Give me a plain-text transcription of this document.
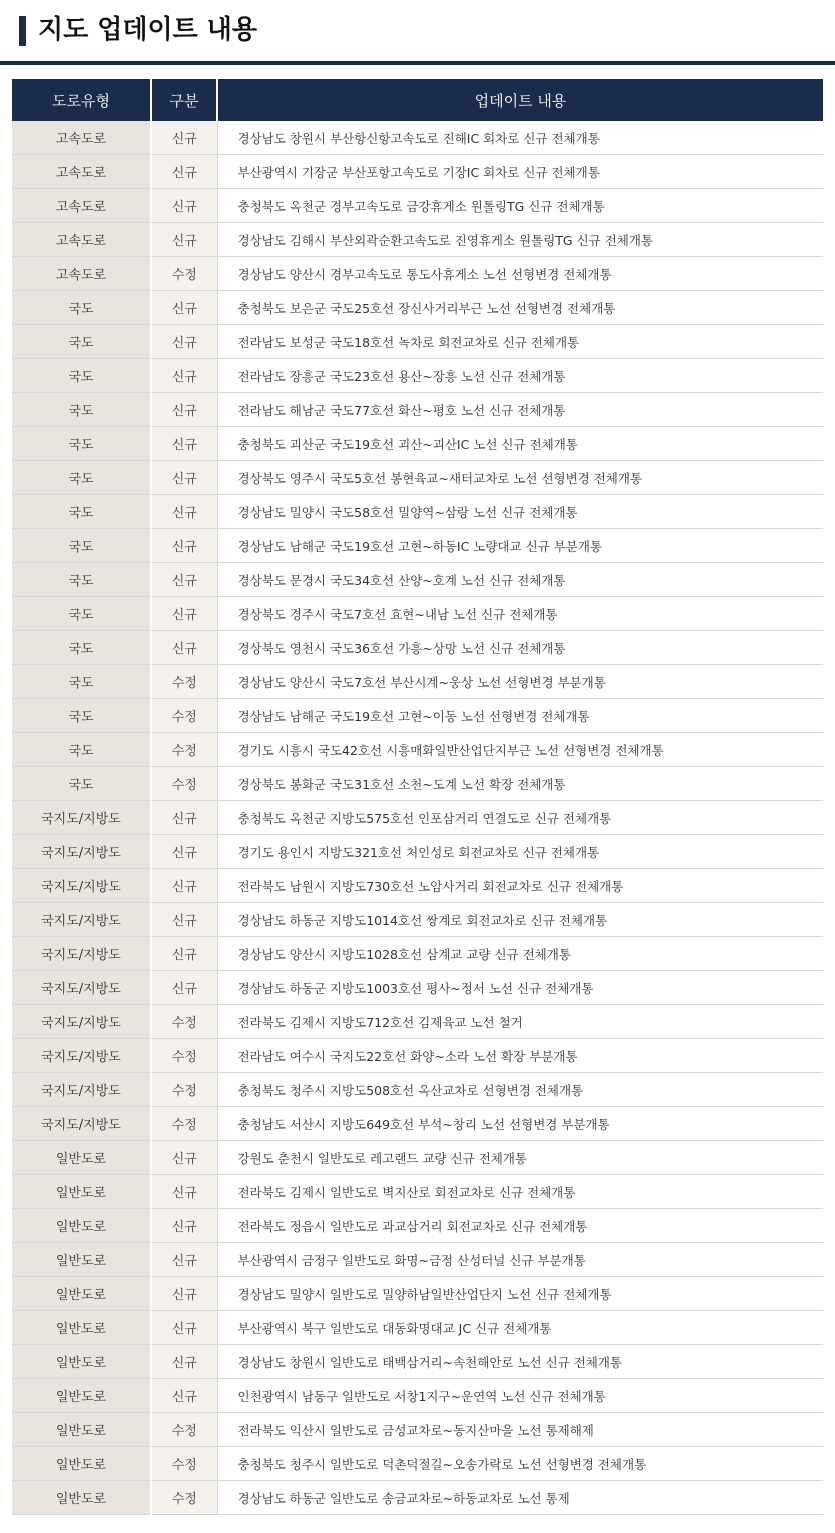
지도 업데이트 내용
도로유형	구분	업데이트 내용
고속도로	신규	경상남도 창원시 부산항신항고속도로 진해IC 회차로 신규 전체개통
고속도로	신규	부산광역시 기장군 부산포항고속도로 기장IC 회차로 신규 전체개통
고속도로	신규	충청북도 옥천군 경부고속도로 금강휴게소 원톨링TG 신규 전체개통
고속도로	신규	경상남도 김해시 부산외곽순환고속도로 진영휴게소 원톨링TG 신규 전체개통
고속도로	수정	경상남도 양산시 경부고속도로 통도사휴게소 노선 선형변경 전체개통
국도	신규	충청북도 보은군 국도25호선 장신사거리부근 노선 선형변경 전체개통
국도	신규	전라남도 보성군 국도18호선 녹차로 회전교차로 신규 전체개통
국도	신규	전라남도 장흥군 국도23호선 용산~장흥 노선 신규 전체개통
국도	신규	전라남도 해남군 국도77호선 화산~평호 노선 신규 전체개통
국도	신규	충청북도 괴산군 국도19호선 괴산~괴산IC 노선 신규 전체개통
국도	신규	경상북도 영주시 국도5호선 봉현육교~새터교차로 노선 선형변경 전체개통
국도	신규	경상남도 밀양시 국도58호선 밀양역~삼랑 노선 신규 전체개통
국도	신규	경상남도 남해군 국도19호선 고현~하동IC 노량대교 신규 부분개통
국도	신규	경상북도 문경시 국도34호선 산양~호계 노선 신규 전체개통
국도	신규	경상북도 경주시 국도7호선 효현~내남 노선 신규 전체개통
국도	신규	경상북도 영천시 국도36호선 가흥~상망 노선 신규 전체개통
국도	수정	경상남도 양산시 국도7호선 부산시계~웅상 노선 선형변경 부분개통
국도	수정	경상남도 남해군 국도19호선 고현~이동 노선 선형변경 전체개통
국도	수정	경기도 시흥시 국도42호선 시흥매화일반산업단지부근 노선 선형변경 전체개통
국도	수정	경상북도 봉화군 국도31호선 소천~도계 노선 확장 전체개통
국지도/지방도	신규	충청북도 옥천군 지방도575호선 인포삼거리 연결도로 신규 전체개통
국지도/지방도	신규	경기도 용인시 지방도321호선 처인성로 회전교차로 신규 전체개통
국지도/지방도	신규	전라북도 남원시 지방도730호선 노암사거리 회전교차로 신규 전체개통
국지도/지방도	신규	경상남도 하동군 지방도1014호선 쌍계로 회전교차로 신규 전체개통
국지도/지방도	신규	경상남도 양산시 지방도1028호선 삼계교 교량 신규 전체개통
국지도/지방도	신규	경상남도 하동군 지방도1003호선 평사~정서 노선 신규 전체개통
국지도/지방도	수정	전라북도 김제시 지방도712호선 김제육교 노선 철거
국지도/지방도	수정	전라남도 여수시 국지도22호선 화양~소라 노선 확장 부분개통
국지도/지방도	수정	충청북도 청주시 지방도508호선 옥산교차로 선형변경 전체개통
국지도/지방도	수정	충청남도 서산시 지방도649호선 부석~창리 노선 선형변경 부분개통
일반도로	신규	강원도 춘천시 일반도로 레고랜드 교량 신규 전체개통
일반도로	신규	전라북도 김제시 일반도로 벽지산로 회전교차로 신규 전체개통
일반도로	신규	전라북도 정읍시 일반도로 과교삼거리 회전교차로 신규 전체개통
일반도로	신규	부산광역시 금정구 일반도로 화명~금정 산성터널 신규 부분개통
일반도로	신규	경상남도 밀양시 일반도로 밀양하남일반산업단지 노선 신규 전체개통
일반도로	신규	부산광역시 북구 일반도로 대동화명대교 JC 신규 전체개통
일반도로	신규	경상남도 창원시 일반도로 태백삼거리~속천해안로 노선 신규 전체개통
일반도로	신규	인천광역시 남동구 일반도로 서창1지구~운연역 노선 신규 전체개통
일반도로	수정	전라북도 익산시 일반도로 금성교차로~동지산마을 노선 통제해제
일반도로	수정	충청북도 청주시 일반도로 덕촌덕절길~오송가락로 노선 선형변경 전체개통
일반도로	수정	경상남도 하동군 일반도로 송금교차로~하동교차로 노선 통제
